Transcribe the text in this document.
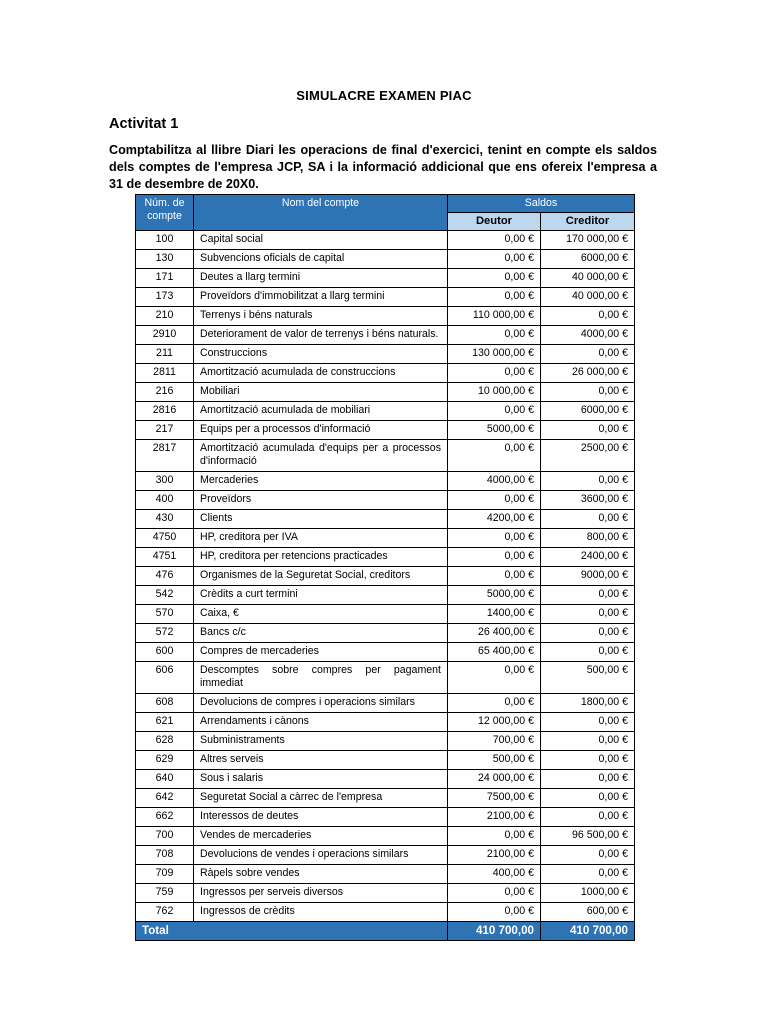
SIMULACRE EXAMEN PIAC
Activitat 1
Comptabilitza al llibre Diari les operacions de final d'exercici, tenint en compte els saldos dels comptes de l'empresa JCP, SA i la informació addicional que ens ofereix l'empresa a 31 de desembre de 20X0.
Núm. de compte	Nom del compte	Saldos	
		Deutor	Creditor
100	Capital social	0,00 €	170 000,00 €
130	Subvencions oficials de capital	0,00 €	6000,00 €
171	Deutes a llarg termini	0,00 €	40 000,00 €
173	Proveïdors d'immobilitzat a llarg termini	0,00 €	40 000,00 €
210	Terrenys i béns naturals	110 000,00 €	0,00 €
2910	Deteriorament de valor de terrenys i béns naturals.	0,00 €	4000,00 €
211	Construccions	130 000,00 €	0,00 €
2811	Amortització acumulada de construccions	0,00 €	26 000,00 €
216	Mobiliari	10 000,00 €	0,00 €
2816	Amortització acumulada de mobiliari	0,00 €	6000,00 €
217	Equips per a processos d'informació	5000,00 €	0,00 €
2817	Amortització acumulada d'equips per a processos d'informació	0,00 €	2500,00 €
300	Mercaderies	4000,00 €	0,00 €
400	Proveïdors	0,00 €	3600,00 €
430	Clients	4200,00 €	0,00 €
4750	HP, creditora per IVA	0,00 €	800,00 €
4751	HP, creditora per retencions practicades	0,00 €	2400,00 €
476	Organismes de la Seguretat Social, creditors	0,00 €	9000,00 €
542	Crèdits a curt termini	5000,00 €	0,00 €
570	Caixa, €	1400,00 €	0,00 €
572	Bancs c/c	26 400,00 €	0,00 €
600	Compres de mercaderies	65 400,00 €	0,00 €
606	Descomptes sobre compres per pagament immediat	0,00 €	500,00 €
608	Devolucions de compres i operacions similars	0,00 €	1800,00 €
621	Arrendaments i cànons	12 000,00 €	0,00 €
628	Subministraments	700,00 €	0,00 €
629	Altres serveis	500,00 €	0,00 €
640	Sous i salaris	24 000,00 €	0,00 €
642	Seguretat Social a càrrec de l'empresa	7500,00 €	0,00 €
662	Interessos de deutes	2100,00 €	0,00 €
700	Vendes de mercaderies	0,00 €	96 500,00 €
708	Devolucions de vendes i operacions similars	2100,00 €	0,00 €
709	Ràpels sobre vendes	400,00 €	0,00 €
759	Ingressos per serveis diversos	0,00 €	1000,00 €
762	Ingressos de crèdits	0,00 €	600,00 €
Total		410 700,00	410 700,00
